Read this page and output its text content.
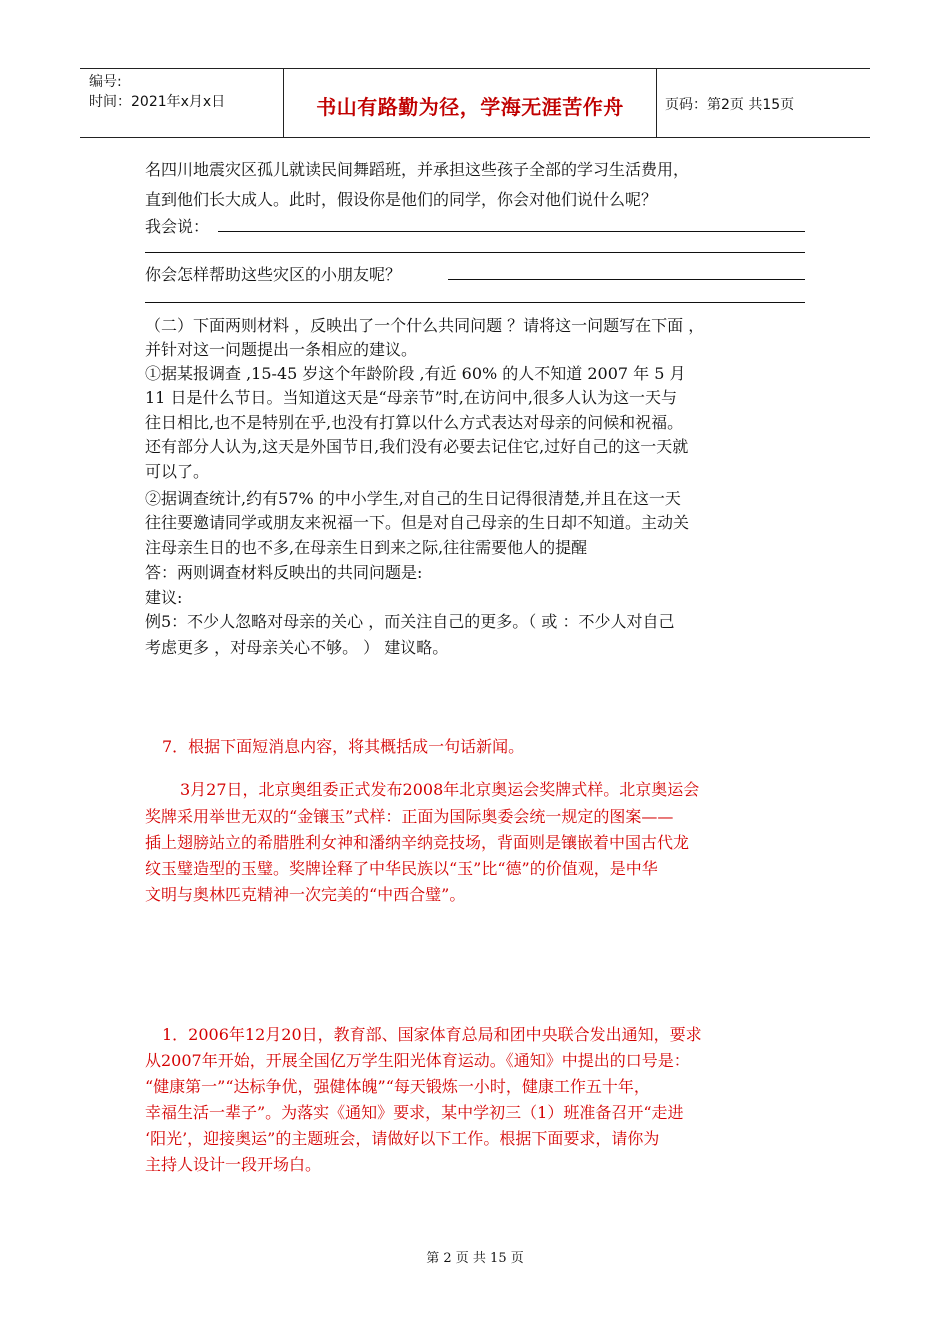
编号:
时间：2021年x月x日	书山有路勤为径，学海无涯苦作舟	页码：第2页 共15页
名四川地震灾区孤儿就读民间舞蹈班，并承担这些孩子全部的学习生活费用，
直到他们长大成人。此时，假设你是他们的同学，你会对他们说什么呢？
我会说：
你会怎样帮助这些灾区的小朋友呢？
（二）下面两则材料 ，反映出了一个什么共同问题 ？请将这一问题写在下面 ，
并针对这一问题提出一条相应的建议。
①据某报调查 ,15-45 岁这个年龄阶段 ,有近 60% 的人不知道 2007 年 5 月
11 日是什么节日。当知道这天是“母亲节”时,在访问中,很多人认为这一天与
往日相比,也不是特别在乎,也没有打算以什么方式表达对母亲的问候和祝福。
还有部分人认为,这天是外国节日,我们没有必要去记住它,过好自己的这一天就
可以了。
②据调查统计,约有57% 的中小学生,对自己的生日记得很清楚,并且在这一天
往往要邀请同学或朋友来祝福一下。但是对自己母亲的生日却不知道。主动关
注母亲生日的也不多,在母亲生日到来之际,往往需要他人的提醒
答：两则调查材料反映出的共同问题是:
建议:
例5：不少人忽略对母亲的关心 ，而关注自己的更多。（ 或 ：不少人对自己
考虑更多 ，对母亲关心不够。 ） 建议略。
7．根据下面短消息内容，将其概括成一句话新闻。
3月27日，北京奥组委正式发布2008年北京奥运会奖牌式样。北京奥运会
奖牌采用举世无双的“金镶玉”式样：正面为国际奥委会统一规定的图案——
插上翅膀站立的希腊胜利女神和潘纳辛纳竞技场，背面则是镶嵌着中国古代龙
纹玉璧造型的玉璧。奖牌诠释了中华民族以“玉”比“德”的价值观，是中华
文明与奥林匹克精神一次完美的“中西合璧”。
1．2006年12月20日，教育部、国家体育总局和团中央联合发出通知，要求
从2007年开始，开展全国亿万学生阳光体育运动。《通知》中提出的口号是：
“健康第一”“达标争优，强健体魄”“每天锻炼一小时，健康工作五十年，
幸福生活一辈子”。为落实《通知》要求，某中学初三（1）班准备召开“走进
‘阳光’，迎接奥运”的主题班会，请做好以下工作。根据下面要求，请你为
主持人设计一段开场白。
第 2 页 共 15 页
